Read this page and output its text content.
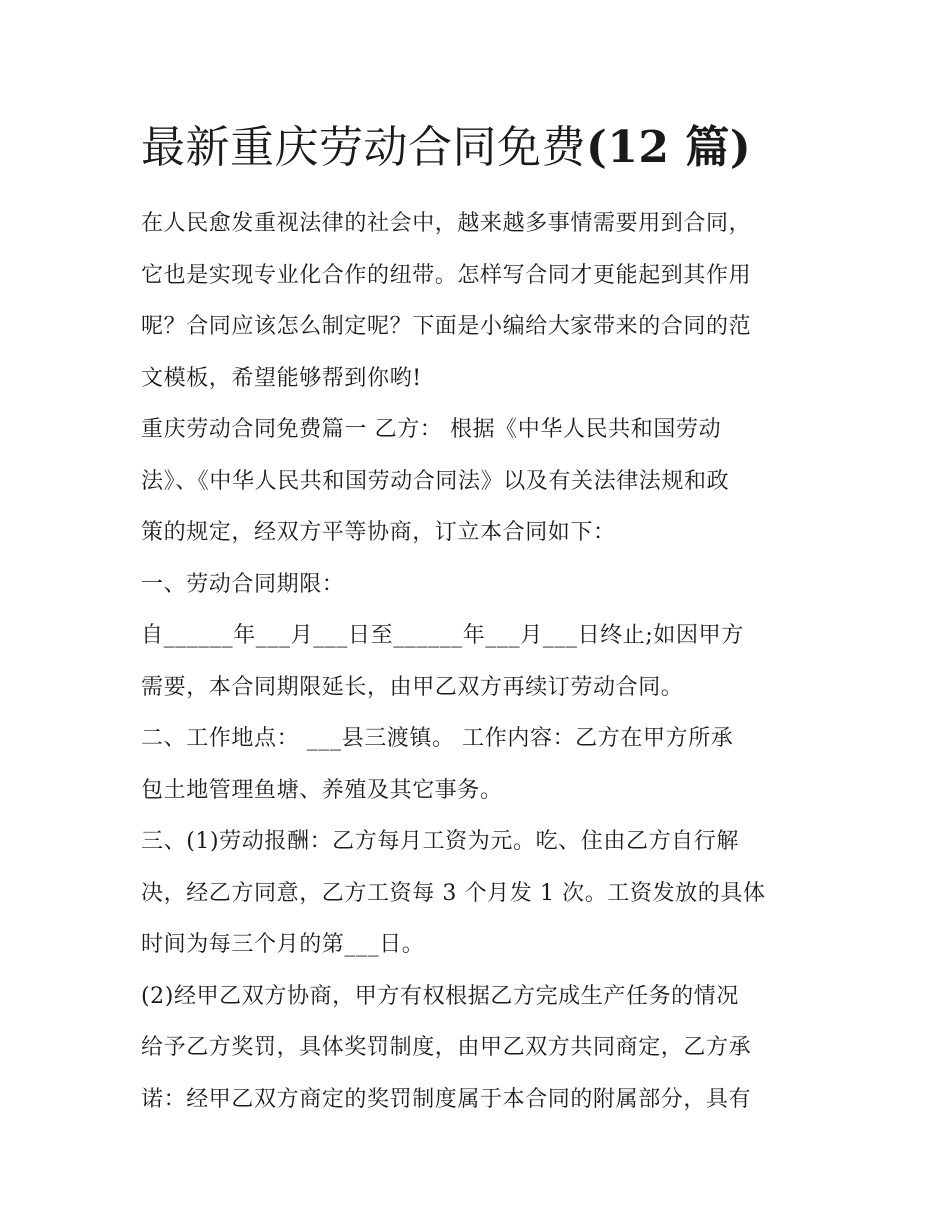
最新重庆劳动合同免费(12 篇)

在人民愈发重视法律的社会中，越来越多事情需要用到合同，

它也是实现专业化合作的纽带。怎样写合同才更能起到其作用

呢？合同应该怎么制定呢？下面是小编给大家带来的合同的范

文模板，希望能够帮到你哟!

重庆劳动合同免费篇一 乙方： 根据《中华人民共和国劳动

法》、《中华人民共和国劳动合同法》以及有关法律法规和政

策的规定，经双方平等协商，订立本合同如下：

一、劳动合同期限：

自______年___月___日至______年___月___日终止;如因甲方

需要，本合同期限延长，由甲乙双方再续订劳动合同。

二、工作地点： ___县三渡镇。 工作内容：乙方在甲方所承

包土地管理鱼塘、养殖及其它事务。

三、(1)劳动报酬：乙方每月工资为元。吃、住由乙方自行解

决，经乙方同意，乙方工资每 3 个月发 1 次。工资发放的具体

时间为每三个月的第___日。

(2)经甲乙双方协商，甲方有权根据乙方完成生产任务的情况

给予乙方奖罚，具体奖罚制度，由甲乙双方共同商定，乙方承

诺：经甲乙双方商定的奖罚制度属于本合同的附属部分，具有
